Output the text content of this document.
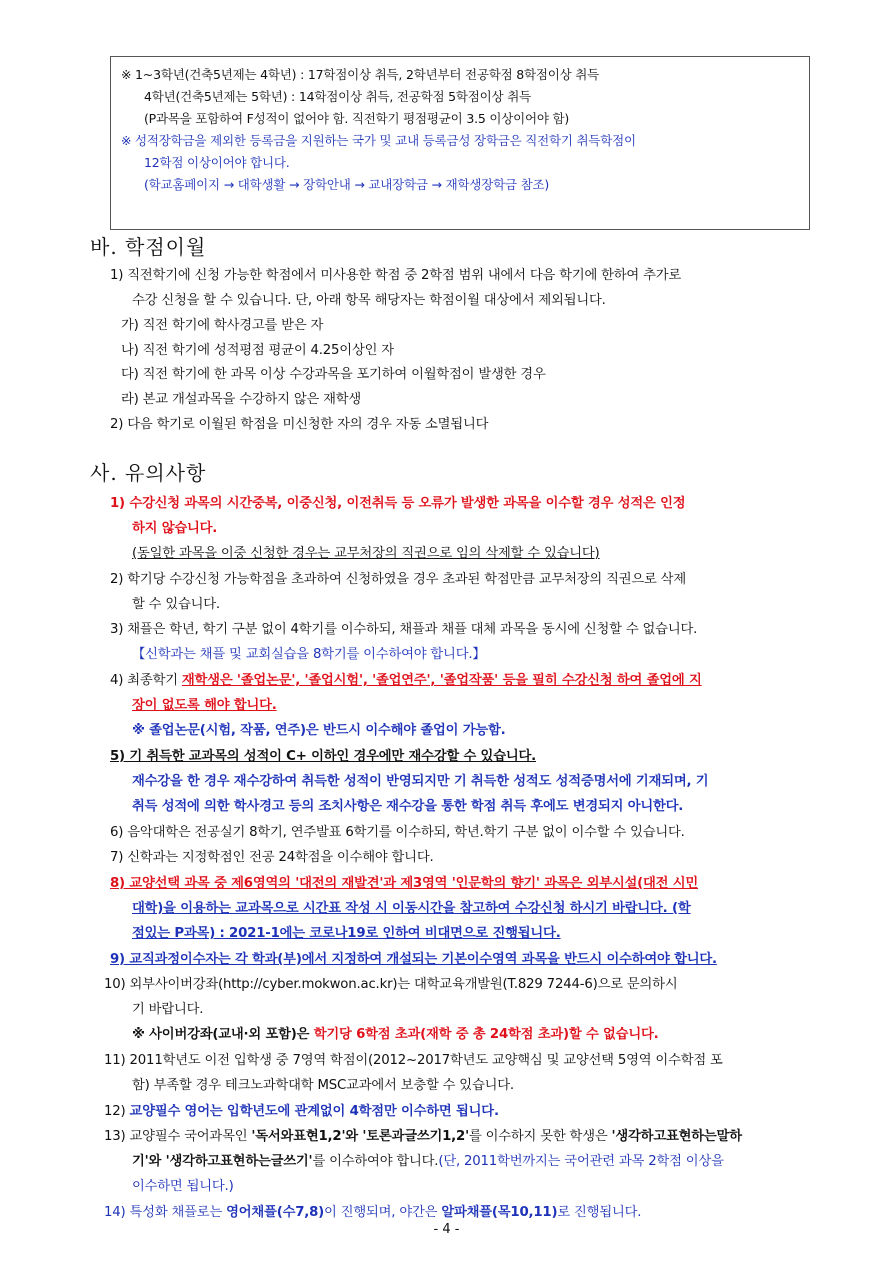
※ 1~3학년(건축5년제는 4학년) : 17학점이상 취득, 2학년부터 전공학점 8학점이상 취득
4학년(건축5년제는 5학년) : 14학점이상 취득, 전공학점 5학점이상 취득
(P과목을 포함하여 F성적이 없어야 함. 직전학기 평점평균이 3.5 이상이어야 함)
※ 성적장학금을 제외한 등록금을 지원하는 국가 및 교내 등록금성 장학금은 직전학기 취득학점이
12학점 이상이어야 합니다.
(학교홈페이지 → 대학생활 → 장학안내 → 교내장학금 → 재학생장학금 참조)
바. 학점이월
1) 직전학기에 신청 가능한 학점에서 미사용한 학점 중 2학점 범위 내에서 다음 학기에 한하여 추가로
수강 신청을 할 수 있습니다. 단, 아래 항목 해당자는 학점이월 대상에서 제외됩니다.
가) 직전 학기에 학사경고를 받은 자
나) 직전 학기에 성적평점 평균이 4.25이상인 자
다) 직전 학기에 한 과목 이상 수강과목을 포기하여 이월학점이 발생한 경우
라) 본교 개설과목을 수강하지 않은 재학생
2) 다음 학기로 이월된 학점을 미신청한 자의 경우 자동 소멸됩니다
사. 유의사항
1) 수강신청 과목의 시간중복, 이중신청, 이전취득 등 오류가 발생한 과목을 이수할 경우 성적은 인정
하지 않습니다.
(동일한 과목을 이중 신청한 경우는 교무처장의 직권으로 임의 삭제할 수 있습니다)
2) 학기당 수강신청 가능학점을 초과하여 신청하였을 경우 초과된 학점만큼 교무처장의 직권으로 삭제
할 수 있습니다.
3) 채플은 학년, 학기 구분 없이 4학기를 이수하되, 채플과 채플 대체 과목을 동시에 신청할 수 없습니다.
【신학과는 채플 및 교회실습을 8학기를 이수하여야 합니다.】
4) 최종학기 재학생은 '졸업논문', '졸업시험', '졸업연주', '졸업작품' 등을 필히 수강신청 하여 졸업에 지
장이 없도록 해야 합니다.
※ 졸업논문(시험, 작품, 연주)은 반드시 이수해야 졸업이 가능함.
5) 기 취득한 교과목의 성적이 C+ 이하인 경우에만 재수강할 수 있습니다.
재수강을 한 경우 재수강하여 취득한 성적이 반영되지만 기 취득한 성적도 성적증명서에 기재되며, 기
취득 성적에 의한 학사경고 등의 조치사항은 재수강을 통한 학점 취득 후에도 변경되지 아니한다.
6) 음악대학은 전공실기 8학기, 연주발표 6학기를 이수하되, 학년.학기 구분 없이 이수할 수 있습니다.
7) 신학과는 지정학점인 전공 24학점을 이수해야 합니다.
8) 교양선택 과목 중 제6영역의 '대전의 재발견'과 제3영역 '인문학의 향기' 과목은 외부시설(대전 시민
대학)을 이용하는 교과목으로 시간표 작성 시 이동시간을 참고하여 수강신청 하시기 바랍니다. (학
점있는 P과목) : 2021-1에는 코로나19로 인하여 비대면으로 진행됩니다.
9) 교직과정이수자는 각 학과(부)에서 지정하여 개설되는 기본이수영역 과목을 반드시 이수하여야 합니다.
10) 외부사이버강좌(http://cyber.mokwon.ac.kr)는 대학교육개발원(T.829 7244-6)으로 문의하시
기 바랍니다.
※ 사이버강좌(교내·외 포함)은 학기당 6학점 초과(재학 중 총 24학점 초과)할 수 없습니다.
11) 2011학년도 이전 입학생 중 7영역 학점이(2012~2017학년도 교양핵심 및 교양선택 5영역 이수학점 포
함) 부족할 경우 테크노과학대학 MSC교과에서 보충할 수 있습니다.
12) 교양필수 영어는 입학년도에 관계없이 4학점만 이수하면 됩니다.
13) 교양필수 국어과목인 '독서와표현1,2'와 '토론과글쓰기1,2'를 이수하지 못한 학생은 '생각하고표현하는말하
기'와 '생각하고표현하는글쓰기'를 이수하여야 합니다.(단, 2011학번까지는 국어관련 과목 2학점 이상을
이수하면 됩니다.)
14) 특성화 채플로는 영어채플(수7,8)이 진행되며, 야간은 알파채플(목10,11)로 진행됩니다.
- 4 -
